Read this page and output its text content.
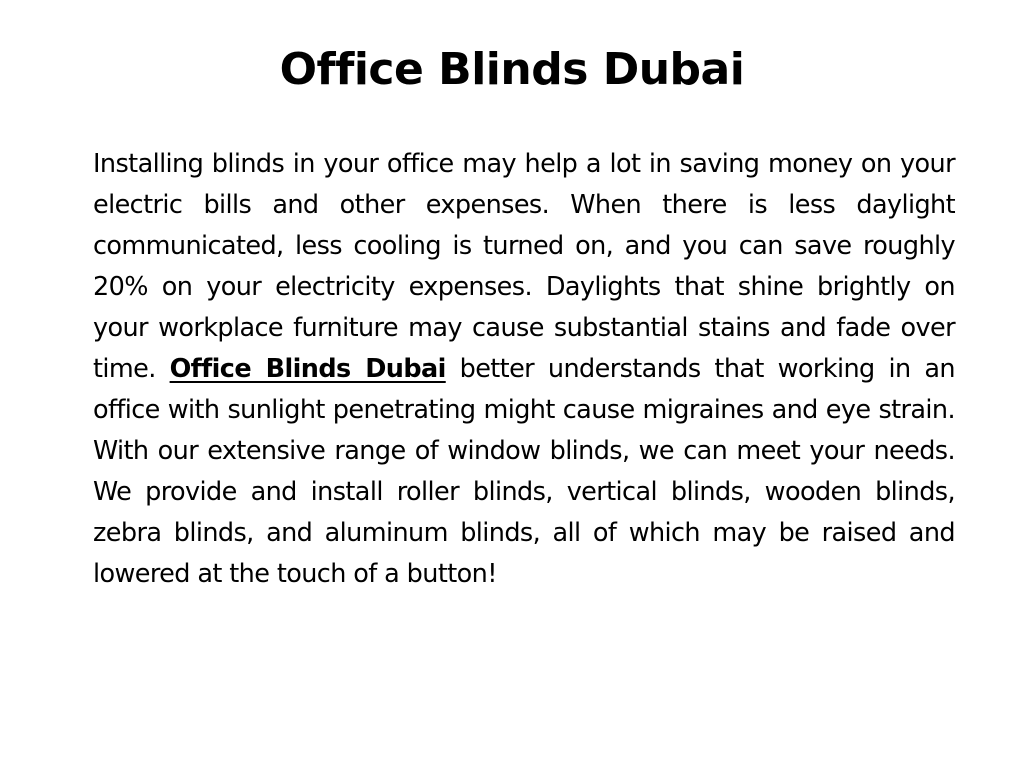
Office Blinds Dubai

Installing blinds in your office may help a lot in saving money on your electric bills and other expenses. When there is less daylight communicated, less cooling is turned on, and you can save roughly 20% on your electricity expenses. Daylights that shine brightly on your workplace furniture may cause substantial stains and fade over time. Office Blinds Dubai better understands that working in an office with sunlight penetrating might cause migraines and eye strain. With our extensive range of window blinds, we can meet your needs. We provide and install roller blinds, vertical blinds, wooden blinds, zebra blinds, and aluminum blinds, all of which may be raised and lowered at the touch of a button!
